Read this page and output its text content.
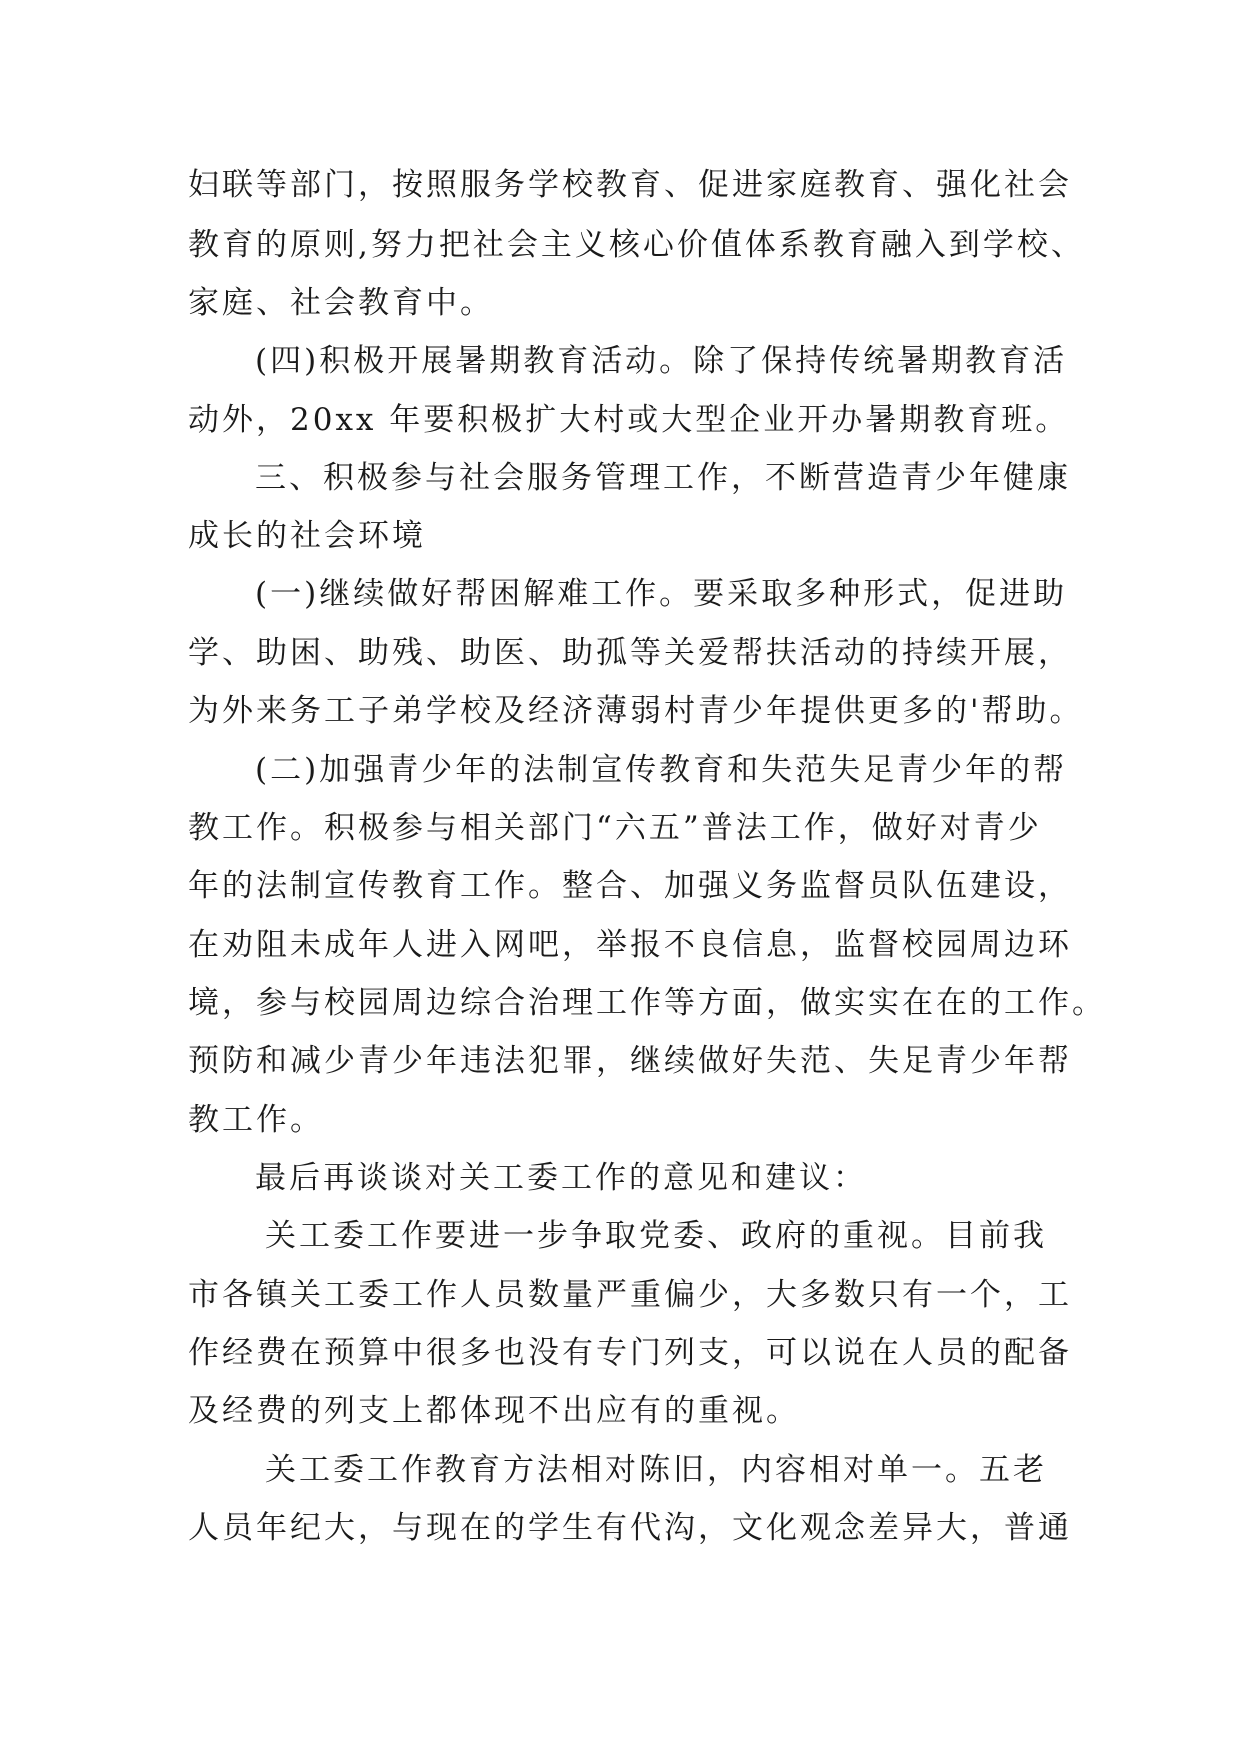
妇联等部门，按照服务学校教育、促进家庭教育、强化社会

教育的原则,努力把社会主义核心价值体系教育融入到学校、

家庭、社会教育中。

(四)积极开展暑期教育活动。除了保持传统暑期教育活

动外，20xx 年要积极扩大村或大型企业开办暑期教育班。

三、积极参与社会服务管理工作，不断营造青少年健康

成长的社会环境

(一)继续做好帮困解难工作。要采取多种形式，促进助

学、助困、助残、助医、助孤等关爱帮扶活动的持续开展，

为外来务工子弟学校及经济薄弱村青少年提供更多的'帮助。

(二)加强青少年的法制宣传教育和失范失足青少年的帮

教工作。积极参与相关部门“六五”普法工作，做好对青少

年的法制宣传教育工作。整合、加强义务监督员队伍建设，

在劝阻未成年人进入网吧，举报不良信息，监督校园周边环

境，参与校园周边综合治理工作等方面，做实实在在的工作。

预防和减少青少年违法犯罪，继续做好失范、失足青少年帮

教工作。

最后再谈谈对关工委工作的意见和建议：

关工委工作要进一步争取党委、政府的重视。目前我

市各镇关工委工作人员数量严重偏少，大多数只有一个，工

作经费在预算中很多也没有专门列支，可以说在人员的配备

及经费的列支上都体现不出应有的重视。

关工委工作教育方法相对陈旧，内容相对单一。五老

人员年纪大，与现在的学生有代沟，文化观念差异大，普通
